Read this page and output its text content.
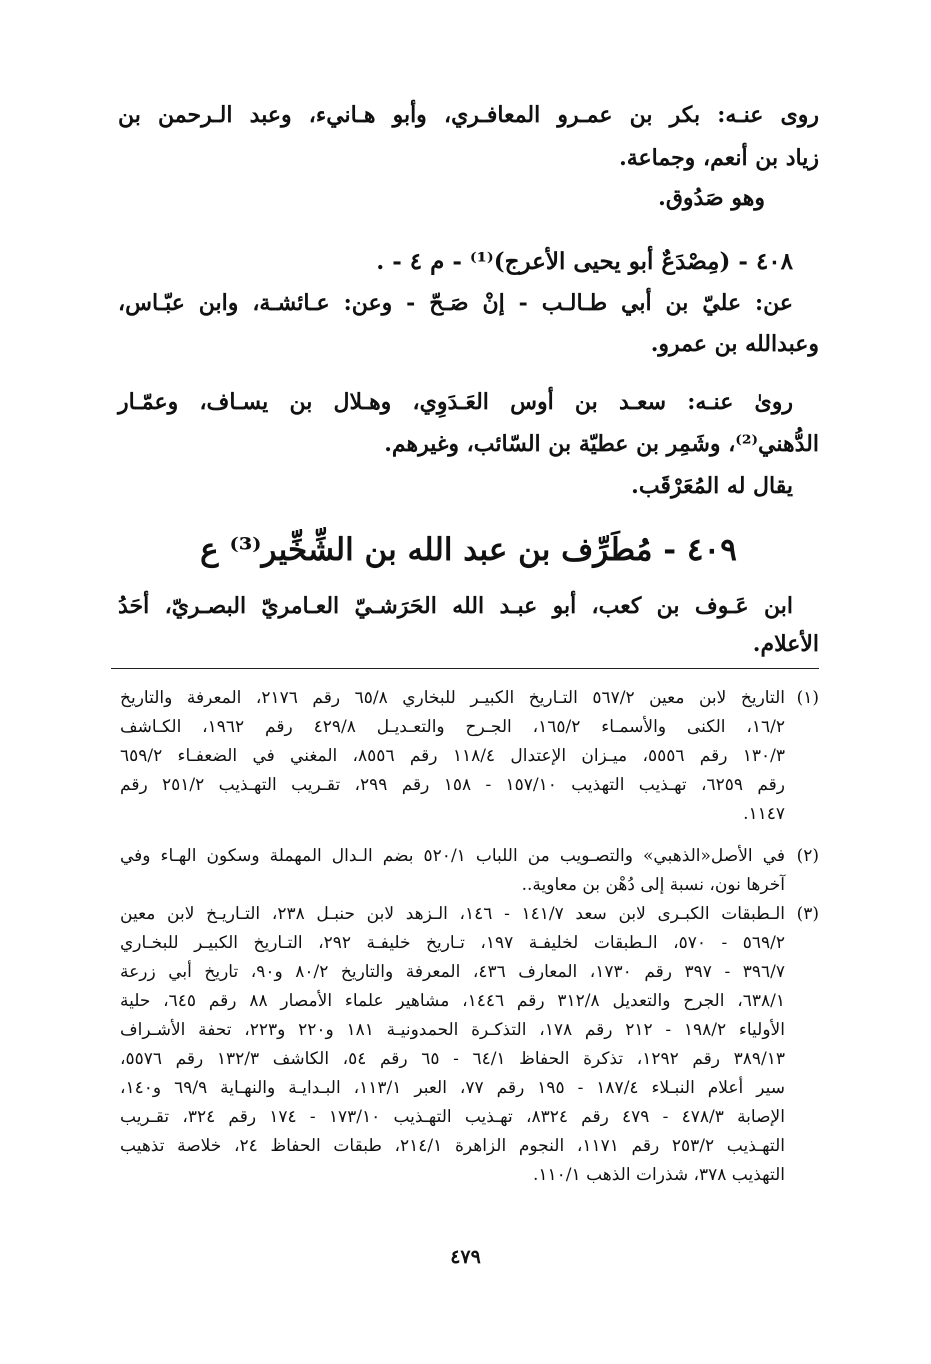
روى عنـه: بكر بن عمـرو المعافـري، وأبو هـانيء، وعبد الـرحمن بن
زياد بن أنعم، وجماعة.
وهو صَدُوق.
٤٠٨ - (مِصْدَعٌ أبو يحيى الأعرج)⁽¹⁾ - م ٤ - .
عن: عليّ بن أبي طـالـب - إنْ صَـحّ - وعن: عـائشـة، وابن عبّـاس،
وعبدالله بن عمرو.
روىٰ عنـه: سعـد بن أوس العَـدَوِي، وهـلال بن يسـاف، وعمّـار
الدُّهني⁽²⁾، وشَمِر بن عطيّة بن السّائب، وغيرهم.
يقال له المُعَرْقَب.
٤٠٩ - مُطَرِّف بن عبد الله بن الشِّخِّير⁽³⁾ ع
ابن عَـوف بن كعب، أبو عبـد الله الحَرَشـيّ العـامريّ البصـريّ، أحَدُ
الأعلام.
(١)
التاريخ لابن معين ٥٦٧/٢ التـاريخ الكبيـر للبخاري ٦٥/٨ رقم ٢١٧٦، المعرفة والتاريخ
١٦/٢، الكنى والأسمـاء ١٦٥/٢، الجـرح والتعـديـل ٤٢٩/٨ رقم ١٩٦٢، الكـاشف
١٣٠/٣ رقم ٥٥٥٦، ميـزان الإعتدال ١١٨/٤ رقم ٨٥٥٦، المغني في الضعفـاء ٦٥٩/٢
رقم ٦٢٥٩، تهـذيب التهذيب ١٥٧/١٠ - ١٥٨ رقم ٢٩٩، تقـريب التهـذيب ٢٥١/٢ رقم
١١٤٧.
(٢)
في الأصل«الذهبي» والتصـويب من اللباب ٥٢٠/١ بضم الـدال المهملة وسكون الهـاء وفي
آخرها نون، نسبة إلى دُهْن بن معاوية..
(٣)
الـطبقات الكبـرى لابن سعد ١٤١/٧ - ١٤٦، الـزهد لابن حنبـل ٢٣٨، التـاريـخ لابن معين
٥٦٩/٢ - ٥٧٠، الـطبقات لخليفـة ١٩٧، تـاريخ خليفـة ٢٩٢، التـاريخ الكبيـر للبخـاري
٣٩٦/٧ - ٣٩٧ رقم ١٧٣٠، المعارف ٤٣٦، المعرفة والتاريخ ٨٠/٢ و٩٠، تاريخ أبي زرعة
٦٣٨/١، الجرح والتعديل ٣١٢/٨ رقم ١٤٤٦، مشاهير علماء الأمصار ٨٨ رقم ٦٤٥، حلية
الأولياء ١٩٨/٢ - ٢١٢ رقم ١٧٨، التذكـرة الحمدونيـة ١٨١ و٢٢٠ و٢٢٣، تحفة الأشـراف
٣٨٩/١٣ رقم ١٢٩٢، تذكرة الحفاظ ٦٤/١ - ٦٥ رقم ٥٤، الكاشف ١٣٢/٣ رقم ٥٥٧٦،
سير أعلام النبـلاء ١٨٧/٤ - ١٩٥ رقم ٧٧، العبر ١١٣/١، البـدايـة والنهـاية ٦٩/٩ و١٤٠،
الإصابة ٤٧٨/٣ - ٤٧٩ رقم ٨٣٢٤، تهـذيب التهـذيب ١٧٣/١٠ - ١٧٤ رقم ٣٢٤، تقـريب
التهـذيب ٢٥٣/٢ رقم ١١٧١، النجوم الزاهرة ٢١٤/١، طبقات الحفاظ ٢٤، خلاصة تذهيب
التهذيب ٣٧٨، شذرات الذهب ١١٠/١.
٤٧٩
